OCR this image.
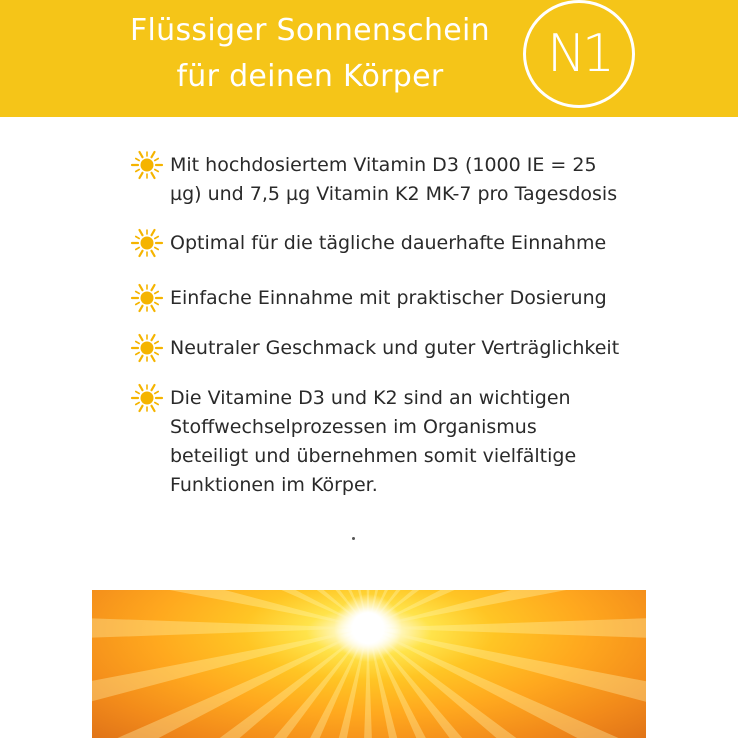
Flüssiger Sonnenschein
für deinen Körper	N1
Mit hochdosiertem Vitamin D3 (1000 IE = 25
µg) und 7,5 µg Vitamin K2 MK-7 pro Tagesdosis
Optimal für die tägliche dauerhafte Einnahme
Einfache Einnahme mit praktischer Dosierung
Neutraler Geschmack und guter Verträglichkeit
Die Vitamine D3 und K2 sind an wichtigen
Stoffwechselprozessen im Organismus
beteiligt und übernehmen somit vielfältige
Funktionen im Körper.
